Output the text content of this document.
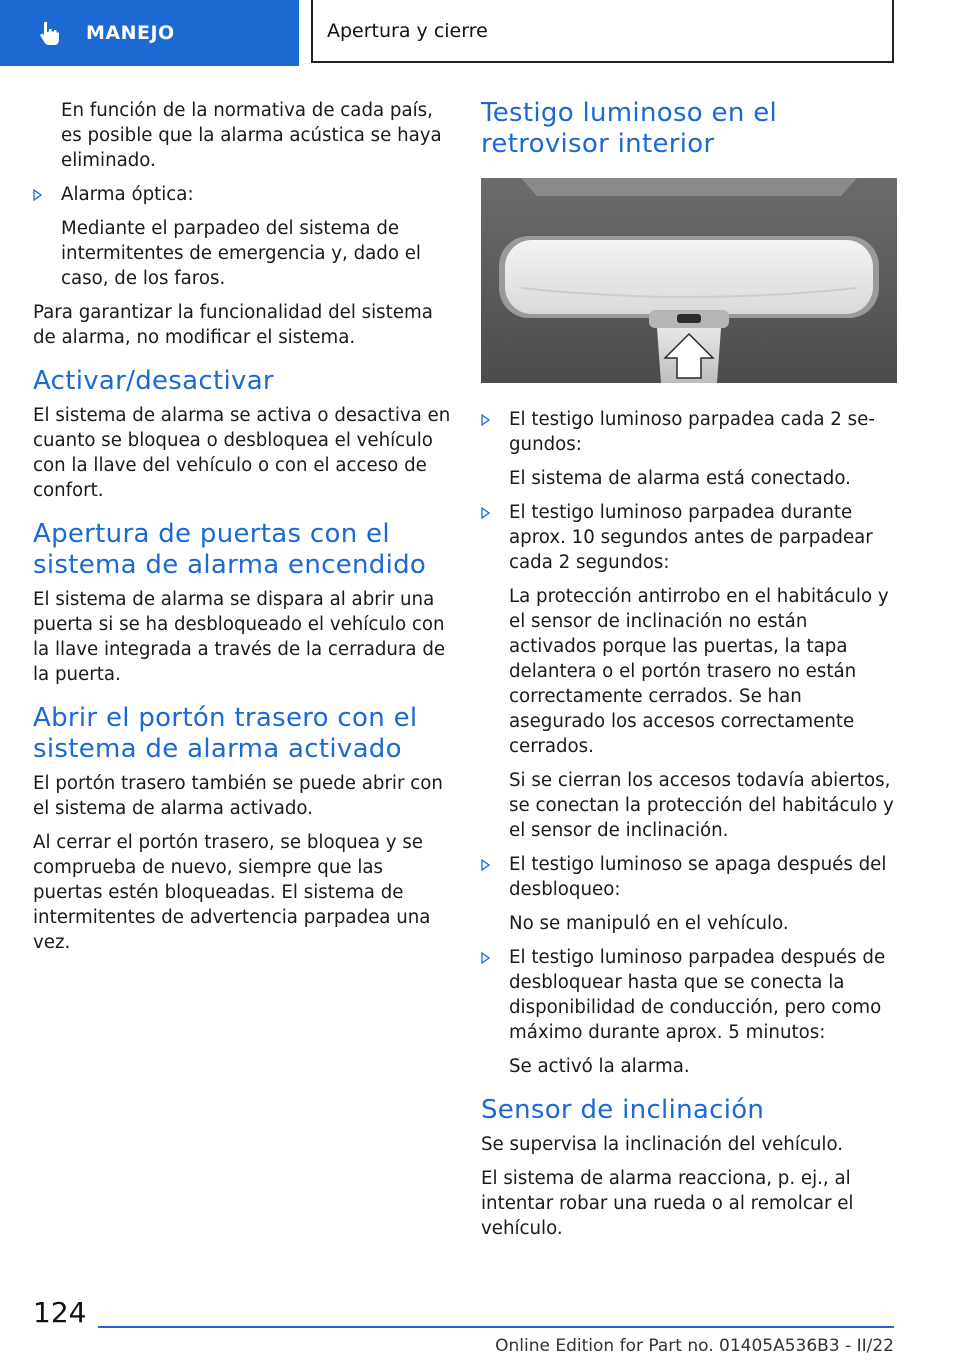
MANEJO	Apertura y cierre

En función de la normativa de cada país, es posible que la alarma acústica se haya eliminado.

Alarma óptica:

Mediante el parpadeo del sistema de intermitentes de emergencia y, dado el caso, de los faros.

Para garantizar la funcionalidad del sistema de alarma, no modificar el sistema.

Activar/desactivar

El sistema de alarma se activa o desactiva en cuanto se bloquea o desbloquea el vehículo con la llave del vehículo o con el acceso de confort.

Apertura de puertas con el sistema de alarma encendido

El sistema de alarma se dispara al abrir una puerta si se ha desbloqueado el vehículo con la llave integrada a través de la cerradura de la puerta.

Abrir el portón trasero con el sistema de alarma activado

El portón trasero también se puede abrir con el sistema de alarma activado.

Al cerrar el portón trasero, se bloquea y se comprueba de nuevo, siempre que las puertas estén bloqueadas. El sistema de intermitentes de advertencia parpadea una vez.

Testigo luminoso en el retrovisor interior
El testigo luminoso parpadea cada 2 segundos:

El sistema de alarma está conectado.

El testigo luminoso parpadea durante aprox. 10 segundos antes de parpadear cada 2 segundos:

La protección antirrobo en el habitáculo y el sensor de inclinación no están activados porque las puertas, la tapa delantera o el portón trasero no están correctamente cerrados. Se han asegurado los accesos correctamente cerrados.

Si se cierran los accesos todavía abiertos, se conectan la protección del habitáculo y el sensor de inclinación.

El testigo luminoso se apaga después del desbloqueo:

No se manipuló en el vehículo.

El testigo luminoso parpadea después de desbloquear hasta que se conecta la disponibilidad de conducción, pero como máximo durante aprox. 5 minutos:

Se activó la alarma.

Sensor de inclinación

Se supervisa la inclinación del vehículo.

El sistema de alarma reacciona, p. ej., al intentar robar una rueda o al remolcar el vehículo.

124
Online Edition for Part no. 01405A536B3 - II/22
